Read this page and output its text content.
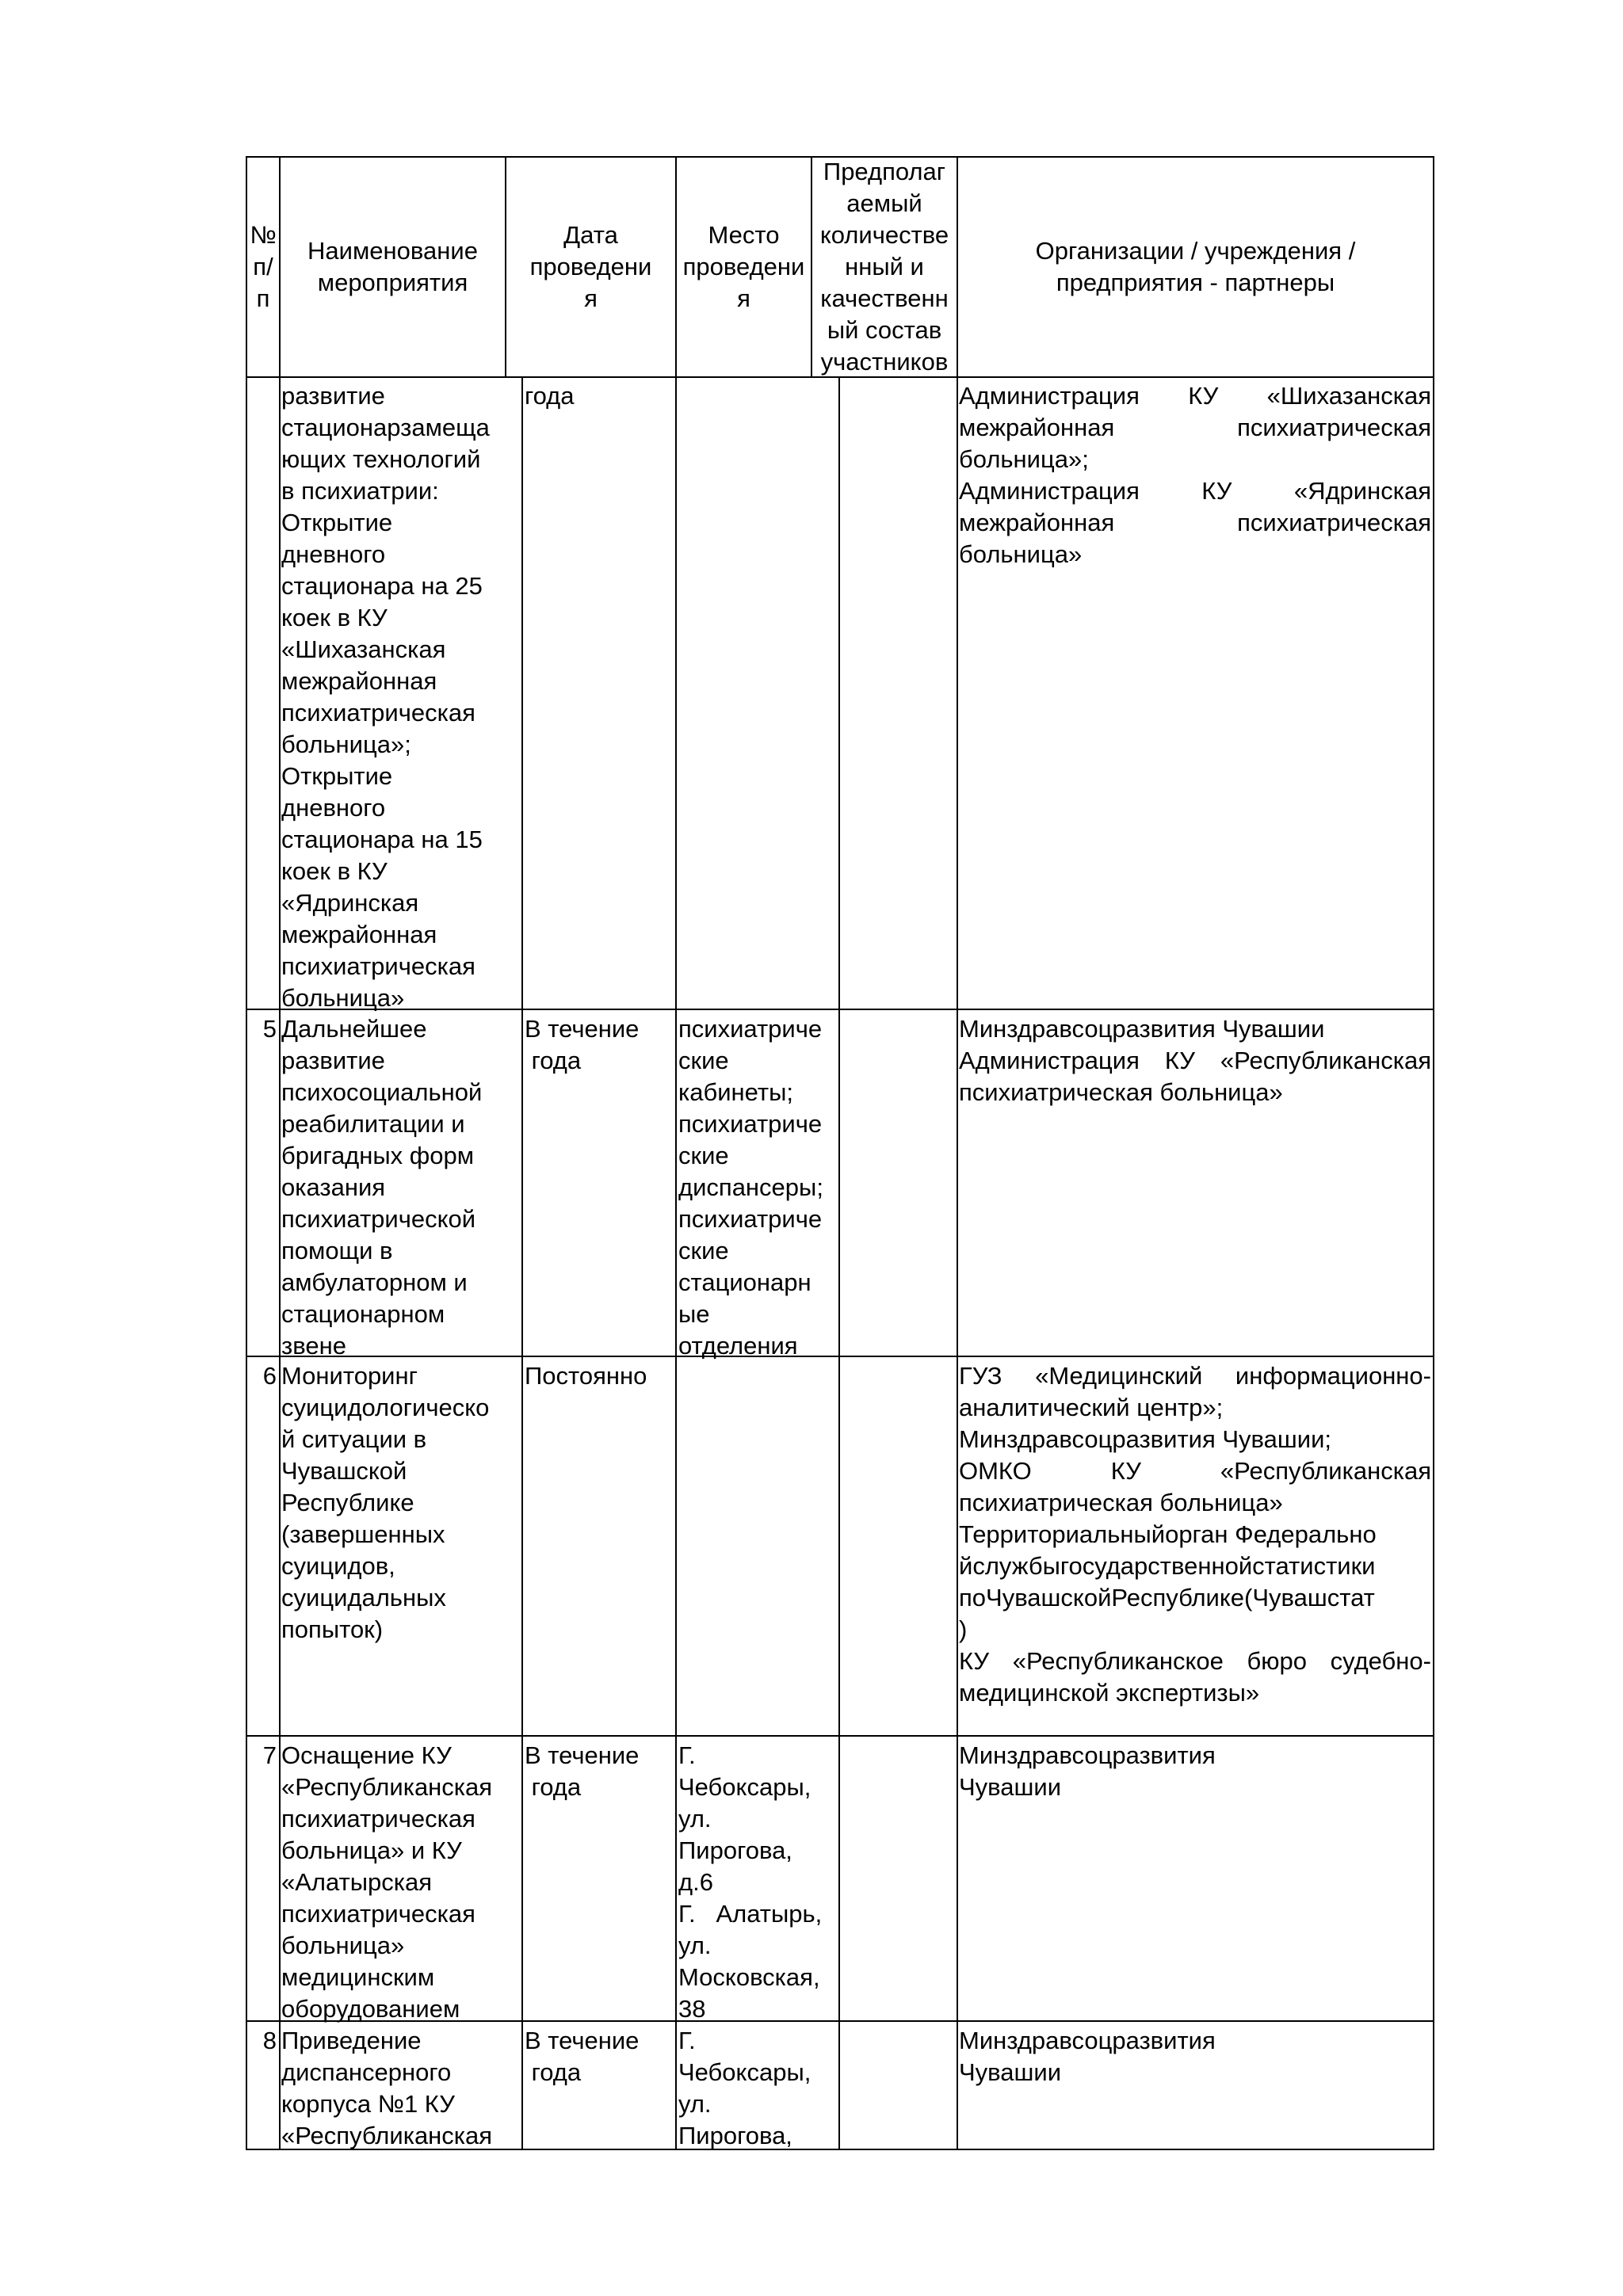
№
п/
п
Наименование
мероприятия
Дата
проведени
я
Место
проведени
я
Предполаг
аемый
количестве
нный и
качественн
ый состав
участников
Организации / учреждения /
предприятия - партнеры
развитие
стационарзамеща
ющих технологий
в психиатрии:
Открытие
дневного
стационара на 25
коек в КУ
«Шихазанская
межрайонная
психиатрическая
больница»;
Открытие
дневного
стационара на 15
коек в КУ
«Ядринская
межрайонная
психиатрическая
больница»
года	Администрация КУ «Шихазанская межрайонная психиатрическая больница»;
Администрация КУ «Ядринская межрайонная психиатрическая больница»
5 Дальнейшее
развитие
психосоциальной
реабилитации и
бригадных форм
оказания
психиатрической
помощи в
амбулаторном и
стационарном
звене
В течение
года
психиатриче
ские
кабинеты;
психиатриче
ские
диспансеры;
психиатриче
ские
стационарн
ые
отделения
Минздравсоцразвития Чувашии
Администрация КУ «Республиканская психиатрическая больница»
6 Мониторинг
суицидологическо
й ситуации в
Чувашской
Республике
(завершенных
суицидов,
суицидальных
попыток)
Постоянно	ГУЗ «Медицинский информационно-аналитический центр»;
Минздравсоцразвития Чувашии;
ОМКО КУ «Республиканская психиатрическая больница»
Территориальныйорган Федерально
йслужбыгосударственнойстатистики
поЧувашскойРеспублике(Чувашстат
)
КУ «Республиканское бюро судебно-медицинской экспертизы»
7 Оснащение КУ
«Республиканская
психиатрическая
больница» и КУ
«Алатырская
психиатрическая
больница»
медицинским
оборудованием
В течение
года
Г.
Чебоксары,
ул.
Пирогова,
д.6
Г.   Алатырь,
ул.
Московская,
38
Минздравсоцразвития
Чувашии
8 Приведение
диспансерного
корпуса №1 КУ
«Республиканская
В течение
года
Г.
Чебоксары,
ул.
Пирогова,
Минздравсоцразвития
Чувашии
